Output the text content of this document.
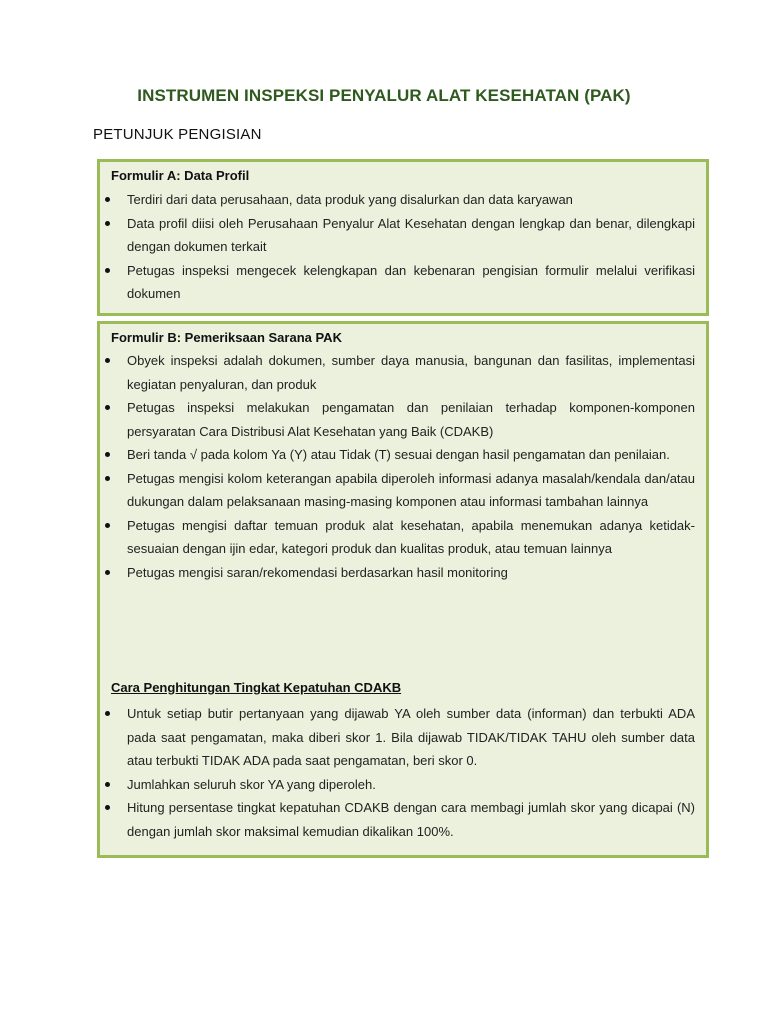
INSTRUMEN INSPEKSI PENYALUR ALAT KESEHATAN (PAK)
PETUNJUK PENGISIAN
Formulir A: Data Profil
Terdiri dari data perusahaan, data produk yang disalurkan dan data karyawan
Data profil diisi oleh Perusahaan Penyalur Alat Kesehatan dengan lengkap dan benar, dilengkapi dengan dokumen terkait
Petugas inspeksi mengecek kelengkapan dan kebenaran pengisian formulir melalui verifikasi dokumen
Formulir B: Pemeriksaan Sarana PAK
Obyek inspeksi adalah dokumen, sumber daya manusia, bangunan dan fasilitas, implementasi kegiatan penyaluran, dan produk
Petugas inspeksi melakukan pengamatan dan penilaian terhadap komponen-komponen persyaratan Cara Distribusi Alat Kesehatan yang Baik (CDAKB)
Beri tanda √ pada kolom Ya (Y) atau Tidak (T) sesuai dengan hasil pengamatan dan penilaian.
Petugas mengisi kolom keterangan apabila diperoleh informasi adanya masalah/kendala dan/atau dukungan dalam pelaksanaan masing-masing komponen atau informasi tambahan lainnya
Petugas mengisi daftar temuan produk alat kesehatan, apabila menemukan adanya ketidak-sesuaian dengan ijin edar, kategori produk dan kualitas produk, atau temuan lainnya
Petugas mengisi saran/rekomendasi berdasarkan hasil monitoring
Cara Penghitungan Tingkat Kepatuhan CDAKB
Untuk setiap butir pertanyaan yang dijawab YA oleh sumber data (informan) dan terbukti ADA pada saat pengamatan, maka diberi skor 1. Bila dijawab TIDAK/TIDAK TAHU oleh sumber data atau terbukti TIDAK ADA pada saat pengamatan, beri skor 0.
Jumlahkan seluruh skor YA yang diperoleh.
Hitung persentase tingkat kepatuhan CDAKB dengan cara membagi jumlah skor yang dicapai (N) dengan jumlah skor maksimal kemudian dikalikan 100%.
